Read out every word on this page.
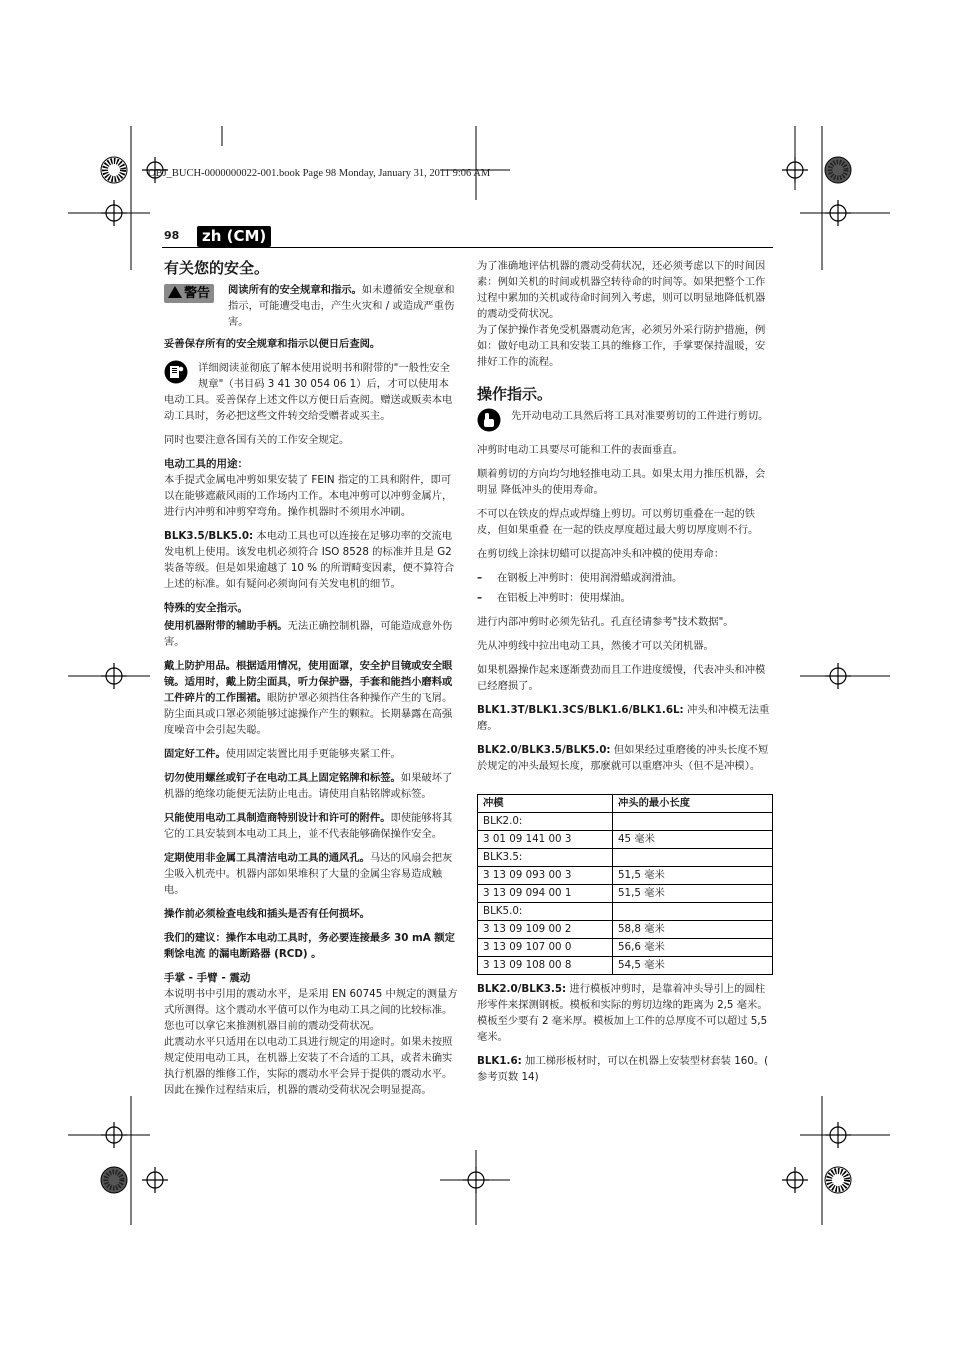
OBJ_BUCH-0000000022-001.book Page 98 Monday, January 31, 2011 9:06 AM
98	zh (CM)
有关您的安全。
警告	阅读所有的安全规章和指示。如未遵循安全规章和指示，可能遭受电击，产生火灾和 / 或造成严重伤害。

妥善保存所有的安全规章和指示以便日后查阅。

详细阅读並彻底了解本使用说明书和附带的"一般性安全规章"（书目码 3 41 30 054 06 1）后，才可以使用本电动工具。妥善保存上述文件以方便日后查阅。赠送或贩卖本电动工具时，务必把这些文件转交给受赠者或买主。

同时也要注意各国有关的工作安全规定。

电动工具的用途：

本手提式金属电冲剪如果安装了 FEIN 指定的工具和附件，即可以在能够遮蔽风雨的工作场内工作。本电冲剪可以冲剪金属片，进行内冲剪和冲剪窄弯角。操作机器时不须用水冲刷。

BLK3.5/BLK5.0: 本电动工具也可以连接在足够功率的交流电发电机上使用。该发电机必须符合 ISO 8528 的标准并且是 G2 装备等级。但是如果逾越了 10 % 的所谓畸变因素，便不算符合上述的标准。如有疑问必须询问有关发电机的细节。

特殊的安全指示。

使用机器附带的辅助手柄。无法正确控制机器，可能造成意外伤害。

戴上防护用品。根据适用情况，使用面罩，安全护目镜或安全眼镜。适用时，戴上防尘面具，听力保护器，手套和能挡小磨料或工件碎片的工作围裙。眼防护罩必须挡住各种操作产生的飞屑。防尘面具或口罩必须能够过滤操作产生的颗粒。长期暴露在高强度噪音中会引起失聪。

固定好工件。使用固定装置比用手更能够夹紧工件。

切勿使用螺丝或钉子在电动工具上固定铭牌和标签。如果破坏了机器的绝缘功能便无法防止电击。请使用自粘铭牌或标签。

只能使用电动工具制造商特别设计和许可的附件。即使能够将其它的工具安装到本电动工具上，並不代表能够确保操作安全。

定期使用非金属工具清洁电动工具的通风孔。马达的风扇会把灰尘吸入机壳中。机器内部如果堆积了大量的金属尘容易造成触电。

操作前必须检查电线和插头是否有任何损坏。

我们的建议：操作本电动工具时，务必要连接最多 30 mA 额定剩馀电流 的漏电断路器 (RCD) 。

手掌 - 手臂 - 震动

本说明书中引用的震动水平，是采用 EN 60745 中规定的测量方式所测得。这个震动水平值可以作为电动工具之间的比较标准。您也可以拿它来推测机器目前的震动受荷状况。

此震动水平只适用在以电动工具进行规定的用途时。如果未按照规定使用电动工具，在机器上安装了不合适的工具，或者未确实执行机器的维修工作，实际的震动水平会异于提供的震动水平。因此在操作过程结束后，机器的震动受荷状况会明显提高。

为了准确地评估机器的震动受荷状况，还必须考虑以下的时间因素：例如关机的时间或机器空转待命的时间等。如果把整个工作过程中累加的关机或待命时间列入考虑，则可以明显地降低机器的震动受荷状况。

为了保护操作者免受机器震动危害，必须另外采行防护措施，例如：做好电动工具和安装工具的维修工作，手掌要保持温暖，安排好工作的流程。

操作指示。

先开动电动工具然后将工具对准要剪切的工件进行剪切。

冲剪时电动工具要尽可能和工件的表面垂直。

顺着剪切的方向均匀地轻推电动工具。如果太用力推压机器，会明显 降低冲头的使用寿命。

不可以在铁皮的焊点或焊缝上剪切。可以剪切重叠在一起的铁皮，但如果重叠 在一起的铁皮厚度超过最大剪切厚度则不行。

在剪切线上涂抹切蜡可以提高冲头和冲模的使用寿命：

– 在钢板上冲剪时：使用润滑蜡或润滑油。
– 在铝板上冲剪时：使用煤油。

进行内部冲剪时必须先钻孔。孔直径请参考"技术数据"。

先从冲剪线中拉出电动工具，然後才可以关闭机器。

如果机器操作起来逐渐费劲而且工作进度缓慢，代表冲头和冲模已经磨损了。

BLK1.3T/BLK1.3CS/BLK1.6/BLK1.6L: 冲头和冲模无法重磨。

BLK2.0/BLK3.5/BLK5.0: 但如果经过重磨後的冲头长度不短於规定的冲头最短长度，那麽就可以重磨冲头（但不是冲模）。

冲模	冲头的最小长度
BLK2.0:	
3 01 09 141 00 3	45 毫米
BLK3.5:	
3 13 09 093 00 3	51,5 毫米
3 13 09 094 00 1	51,5 毫米
BLK5.0:	
3 13 09 109 00 2	58,8 毫米
3 13 09 107 00 0	56,6 毫米
3 13 09 108 00 8	54,5 毫米

BLK2.0/BLK3.5: 进行模板冲剪时，是靠着冲头导引上的圆柱形零件来探测钢板。模板和实际的剪切边缘的距离为 2,5 毫米。

模板至少要有 2 毫米厚。模板加上工件的总厚度不可以超过 5,5 毫米。

BLK1.6: 加工梯形板材时，可以在机器上安装型材套装 160。( 参考页数 14)
